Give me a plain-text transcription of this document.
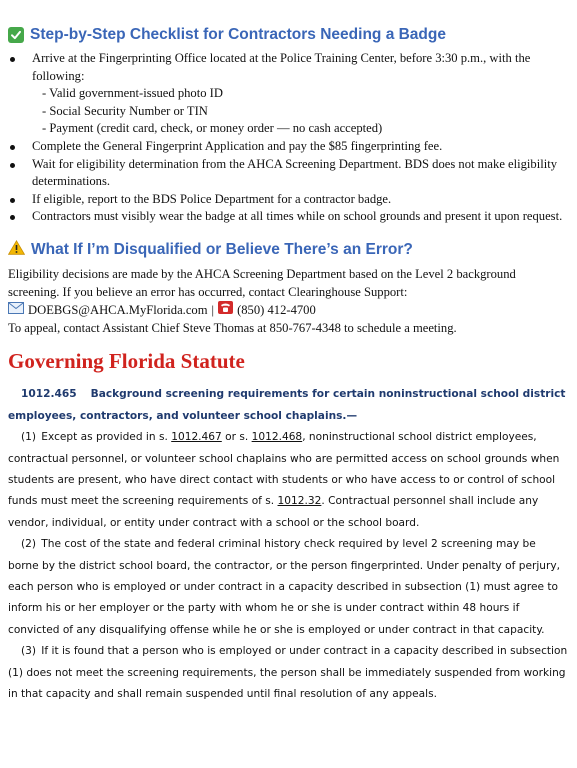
Step-by-Step Checklist for Contractors Needing a Badge
Arrive at the Fingerprinting Office located at the Police Training Center, before 3:30 p.m., with the following:
- Valid government-issued photo ID
- Social Security Number or TIN
- Payment (credit card, check, or money order — no cash accepted)
Complete the General Fingerprint Application and pay the $85 fingerprinting fee.
Wait for eligibility determination from the AHCA Screening Department. BDS does not make eligibility determinations.
If eligible, report to the BDS Police Department for a contractor badge.
Contractors must visibly wear the badge at all times while on school grounds and present it upon request.
What If I’m Disqualified or Believe There’s an Error?

Eligibility decisions are made by the AHCA Screening Department based on the Level 2 background screening. If you believe an error has occurred, contact Clearinghouse Support:

DOEBGS@AHCA.MyFlorida.com | (850) 412-4700

To appeal, contact Assistant Chief Steve Thomas at 850-767-4348 to schedule a meeting.

Governing Florida Statute

1012.465 Background screening requirements for certain noninstructional school district employees, contractors, and volunteer school chaplains.—

(1) Except as provided in s. 1012.467 or s. 1012.468, noninstructional school district employees, contractual personnel, or volunteer school chaplains who are permitted access on school grounds when students are present, who have direct contact with students or who have access to or control of school funds must meet the screening requirements of s. 1012.32. Contractual personnel shall include any vendor, individual, or entity under contract with a school or the school board.

(2) The cost of the state and federal criminal history check required by level 2 screening may be borne by the district school board, the contractor, or the person fingerprinted. Under penalty of perjury, each person who is employed or under contract in a capacity described in subsection (1) must agree to inform his or her employer or the party with whom he or she is under contract within 48 hours if convicted of any disqualifying offense while he or she is employed or under contract in that capacity.

(3) If it is found that a person who is employed or under contract in a capacity described in subsection (1) does not meet the screening requirements, the person shall be immediately suspended from working in that capacity and shall remain suspended until final resolution of any appeals.
